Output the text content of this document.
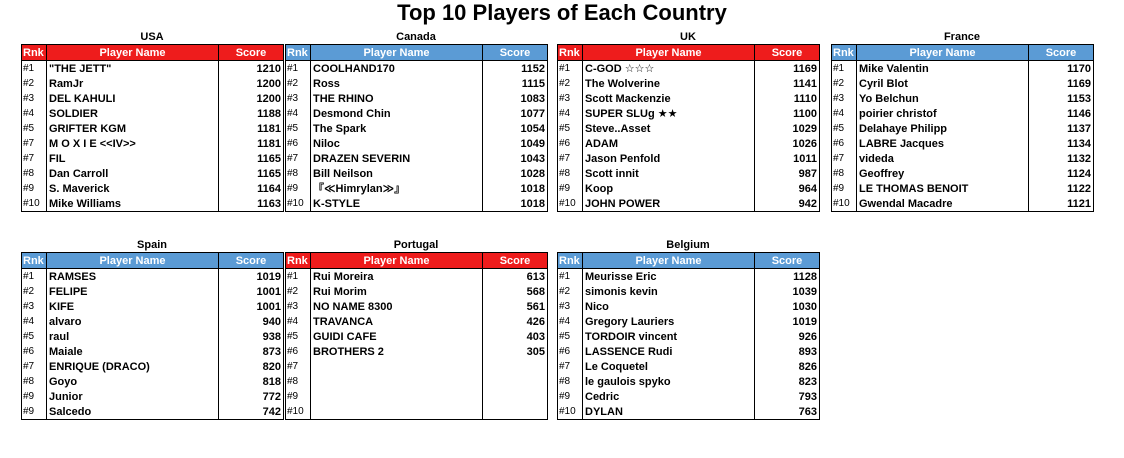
Top 10 Players of Each Country
USA
Rnk	Player Name	Score
#1	"THE JETT"	1210
#2	RamJr	1200
#3	DEL KAHULI	1200
#4	SOLDIER	1188
#5	GRIFTER KGM	1181
#7	M O X I E <<IV>>	1181
#7	FIL	1165
#8	Dan Carroll	1165
#9	S. Maverick	1164
#10	Mike Williams	1163
Canada
Rnk	Player Name	Score
#1	COOLHAND170	1152
#2	Ross	1115
#3	THE RHINO	1083
#4	Desmond Chin	1077
#5	The Spark	1054
#6	Niloc	1049
#7	DRAZEN SEVERIN	1043
#8	Bill Neilson	1028
#9	『≪Himrylan≫』	1018
#10	K-STYLE	1018
UK
Rnk	Player Name	Score
#1	C-GOD ☆☆☆	1169
#2	The Wolverine	1141
#3	Scott Mackenzie	1110
#4	SUPER SLUg ★★	1100
#5	Steve..Asset	1029
#6	ADAM	1026
#7	Jason Penfold	1011
#8	Scott innit	987
#9	Koop	964
#10	JOHN POWER	942
France
Rnk	Player Name	Score
#1	Mike Valentin	1170
#2	Cyril Blot	1169
#3	Yo Belchun	1153
#4	poirier christof	1146
#5	Delahaye Philipp	1137
#6	LABRE Jacques	1134
#7	videda	1132
#8	Geoffrey	1124
#9	LE THOMAS BENOIT	1122
#10	Gwendal Macadre	1121
Spain
Rnk	Player Name	Score
#1	RAMSES	1019
#2	FELIPE	1001
#3	KIFE	1001
#4	alvaro	940
#5	raul	938
#6	Maiale	873
#7	ENRIQUE (DRACO)	820
#8	Goyo	818
#9	Junior	772
#9	Salcedo	742
Portugal
Rnk	Player Name	Score
#1	Rui Moreira	613
#2	Rui Morim	568
#3	NO NAME 8300	561
#4	TRAVANCA	426
#5	GUIDI CAFE	403
#6	BROTHERS 2	305
#7		
#8		
#9		
#10		
Belgium
Rnk	Player Name	Score
#1	Meurisse Eric	1128
#2	simonis kevin	1039
#3	Nico	1030
#4	Gregory Lauriers	1019
#5	TORDOIR vincent	926
#6	LASSENCE Rudi	893
#7	Le Coquetel	826
#8	le gaulois spyko	823
#9	Cedric	793
#10	DYLAN	763
